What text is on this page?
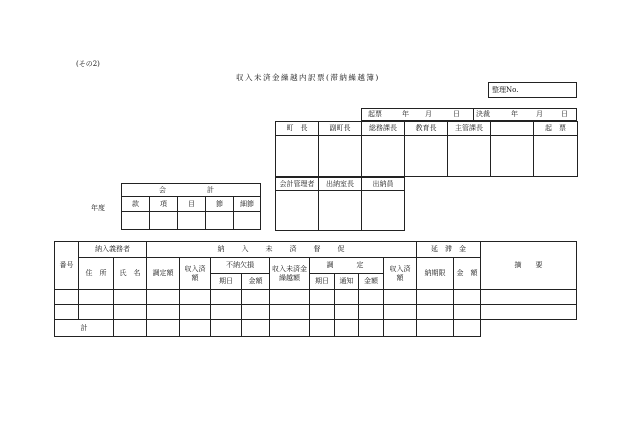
(その2)
収入未済金繰越内訳票(滞納繰越簿)
整理No.
起票	年 月	日 決裁	年	月	日
町　長	副町長	総務課長	教育長	主管課長		起　票

会計管理者	出納室長	出納員

年度
会　　計				
款	項	目	節	細節

番号	納入義務者		納　　入　　未　　済　　督　　促									延　滞　金		摘　　要
	住　所	氏　名	調定額	収入済額	不納欠損		収入未済金繰越額	調　　定			収入済額	納期限	金　額	
					期日	金額		期日	通知	金額				

計														
